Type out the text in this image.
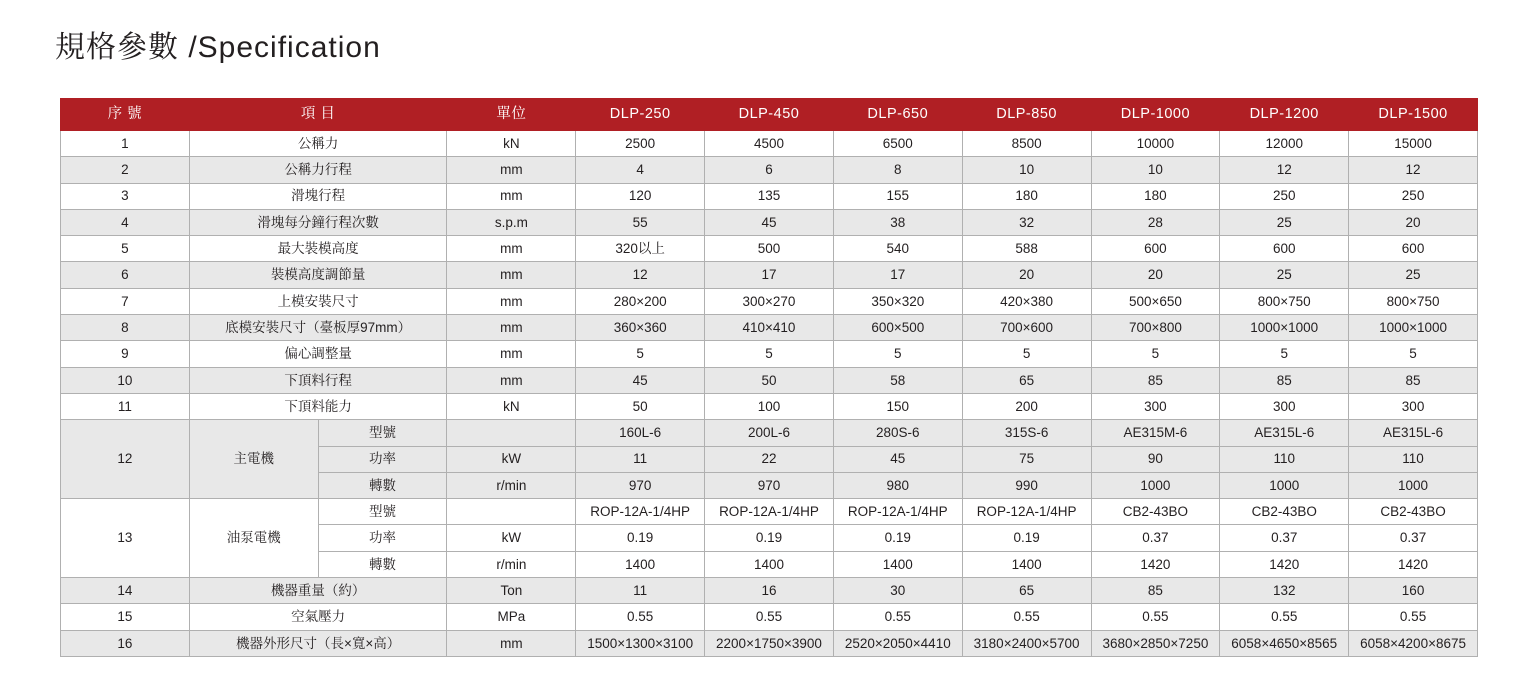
規格參數 /Specification
序 號	項 目		單位	DLP-250	DLP-450	DLP-650	DLP-850	DLP-1000	DLP-1200	DLP-1500
1	公稱力		kN	2500	4500	6500	8500	10000	12000	15000
2	公稱力行程		mm	4	6	8	10	10	12	12
3	滑塊行程		mm	120	135	155	180	180	250	250
4	滑塊每分鐘行程次數		s.p.m	55	45	38	32	28	25	20
5	最大裝模高度		mm	320以上	500	540	588	600	600	600
6	裝模高度調節量		mm	12	17	17	20	20	25	25
7	上模安裝尺寸		mm	280×200	300×270	350×320	420×380	500×650	800×750	800×750
8	底模安裝尺寸（臺板厚97mm）		mm	360×360	410×410	600×500	700×600	700×800	1000×1000	1000×1000
9	偏心調整量		mm	5	5	5	5	5	5	5
10	下頂料行程		mm	45	50	58	65	85	85	85
11	下頂料能力		kN	50	100	150	200	300	300	300
12	主電機	型號		160L-6	200L-6	280S-6	315S-6	AE315M-6	AE315L-6	AE315L-6
		功率	kW	11	22	45	75	90	110	110
		轉數	r/min	970	970	980	990	1000	1000	1000
13	油泵電機	型號		ROP-12A-1/4HP	ROP-12A-1/4HP	ROP-12A-1/4HP	ROP-12A-1/4HP	CB2-43BO	CB2-43BO	CB2-43BO
		功率	kW	0.19	0.19	0.19	0.19	0.37	0.37	0.37
		轉數	r/min	1400	1400	1400	1400	1420	1420	1420
14	機器重量（約）		Ton	11	16	30	65	85	132	160
15	空氣壓力		MPa	0.55	0.55	0.55	0.55	0.55	0.55	0.55
16	機器外形尺寸（長×寬×高）		mm	1500×1300×3100	2200×1750×3900	2520×2050×4410	3180×2400×5700	3680×2850×7250	6058×4650×8565	6058×4200×8675
